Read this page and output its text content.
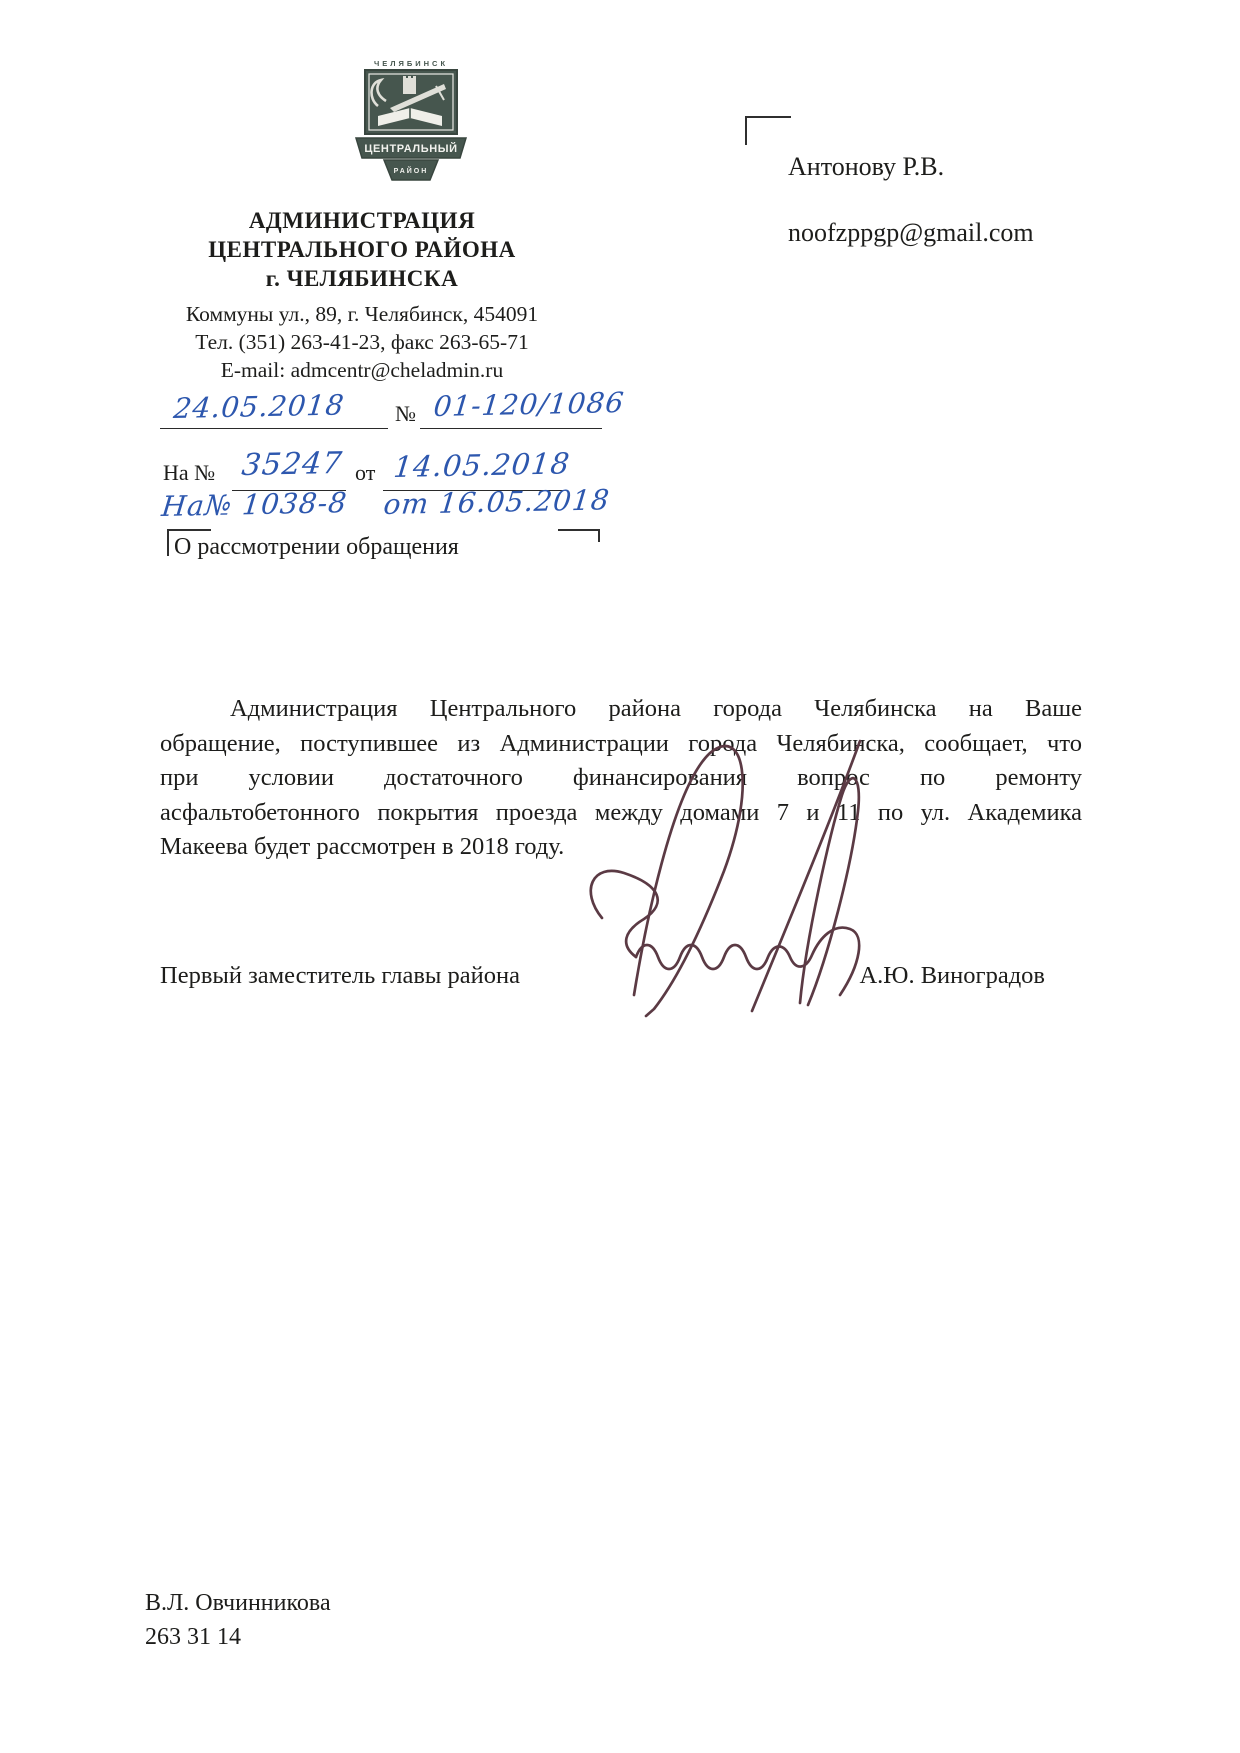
ЧЕЛЯБИНСК
ЦЕНТРАЛЬНЫЙ
РАЙОН
АДМИНИСТРАЦИЯ
ЦЕНТРАЛЬНОГО РАЙОНА
г. ЧЕЛЯБИНСКА
Коммуны ул., 89, г. Челябинск, 454091
Тел. (351) 263-41-23, факс 263-65-71
E-mail: admcentr@cheladmin.ru
24.05.2018 № 01-120/1086
На № 35247 от 14.05.2018
На№ 1038-8 от 16.05.2018
О рассмотрении обращения
Антонову Р.В.
noofzppgp@gmail.com
Администрация Центрального района города Челябинска на Ваше
обращение, поступившее из Администрации города Челябинска, сообщает, что
при условии достаточного финансирования вопрос по ремонту
асфальтобетонного покрытия проезда между домами 7 и 11 по ул. Академика
Макеева будет рассмотрен в 2018 году.
Первый заместитель главы района	А.Ю. Виноградов
В.Л. Овчинникова
263 31 14
